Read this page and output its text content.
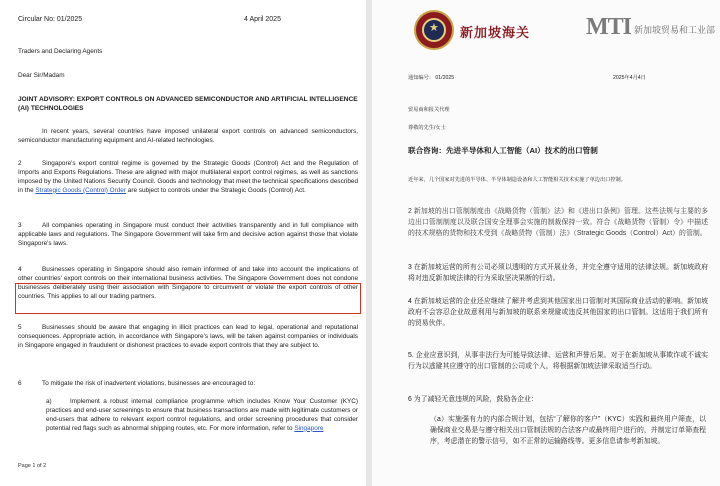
Circular No: 01/2025	4 April 2025
Traders and Declaring Agents
Dear Sir/Madam
JOINT ADVISORY: EXPORT CONTROLS ON ADVANCED SEMICONDUCTOR AND ARTIFICIAL INTELLIGENCE (AI) TECHNOLOGIES
In recent years, several countries have imposed unilateral export controls on advanced semiconductors, semiconductor manufacturing equipment and AI-related technologies.
2	Singapore's export control regime is governed by the Strategic Goods (Control) Act and the Regulation of Imports and Exports Regulations. These are aligned with major multilateral export control regimes, as well as sanctions imposed by the United Nations Security Council. Goods and technology that meet the technical specifications described in the Strategic Goods (Control) Order are subject to controls under the Strategic Goods (Control) Act.
3	All companies operating in Singapore must conduct their activities transparently and in full compliance with applicable laws and regulations. The Singapore Government will take firm and decisive action against those that violate Singapore's laws.
4	Businesses operating in Singapore should also remain informed of and take into account the implications of other countries' export controls on their international business activities. The Singapore Government does not condone businesses deliberately using their association with Singapore to circumvent or violate the export controls of other countries. This applies to all our trading partners.
5	Businesses should be aware that engaging in illicit practices can lead to legal, operational and reputational consequences. Appropriate action, in accordance with Singapore's laws, will be taken against companies or individuals in Singapore engaged in fraudulent or dishonest practices to evade export controls that they are subject to.
6	To mitigate the risk of inadvertent violations, businesses are encouraged to:
a)	Implement a robust internal compliance programme which includes Know Your Customer (KYC) practices and end-user screenings to ensure that business transactions are made with legitimate customers or end-users that adhere to relevant export control regulations, and order screening procedures that consider potential red flags such as abnormal shipping routes, etc. For more information, refer to Singapore
Page 1 of 2
★ 新加坡海关 MTI 新加坡贸易和工业部
通知编号： 01/2025	2025年4月4日
贸易商和报关代理
尊敬的先生/女士
联合咨询：先进半导体和人工智能（AI）技术的出口管制
近年来，几个国家对先进的半导体、半导体制造设备和人工智能相关技术实施了单边出口控制。
2 新加坡的出口管制制度由《战略货物（管制）法》和《进出口条例》管理。这些法规与主要的多边出口管制制度以及联合国安全理事会实施的制裁保持一致。符合《战略货物（管制）令》中描述的技术规格的货物和技术受到《战略货物（管制）法》（Strategic Goods（Control）Act）的管制。
3 在新加坡运营的所有公司必须以透明的方式开展业务，并完全遵守适用的法律法规。新加坡政府将对违反新加坡法律的行为采取坚决果断的行动。
4 在新加坡运营的企业还应继续了解并考虑到其他国家出口管制对其国际商业活动的影响。新加坡政府不会容忍企业故意利用与新加坡的联系来规避或违反其他国家的出口管制。这适用于我们所有的贸易伙伴。
5. 企业应意识到，从事非法行为可能导致法律、运营和声誉后果。对于在新加坡从事欺诈或不诚实行为以逃避其应遵守的出口管制的公司或个人，将根据新加坡法律采取适当行动。
6 为了减轻无意违规的风险，鼓励各企业：
（a）实施强有力的内部合规计划，包括“了解你的客户”（KYC）实践和最终用户筛查，以确保商业交易是与遵守相关出口管制法规的合法客户或最终用户进行的，并制定订单筛查程序，考虑潜在的警示信号，如不正常的运输路线等。更多信息请参考新加坡。
